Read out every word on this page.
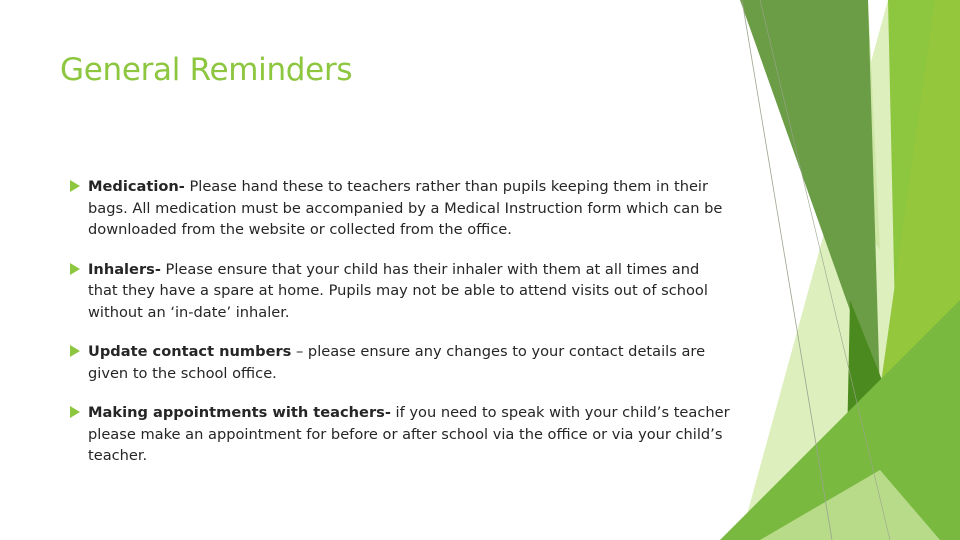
General Reminders
Medication- Please hand these to teachers rather than pupils keeping them in their bags. All medication must be accompanied by a Medical Instruction form which can be downloaded from the website or collected from the office.
Inhalers- Please ensure that your child has their inhaler with them at all times and that they have a spare at home. Pupils may not be able to attend visits out of school without an ‘in-date’ inhaler.
Update contact numbers – please ensure any changes to your contact details are given to the school office.
Making appointments with teachers- if you need to speak with your child’s teacher please make an appointment for before or after school via the office or via your child’s teacher.
